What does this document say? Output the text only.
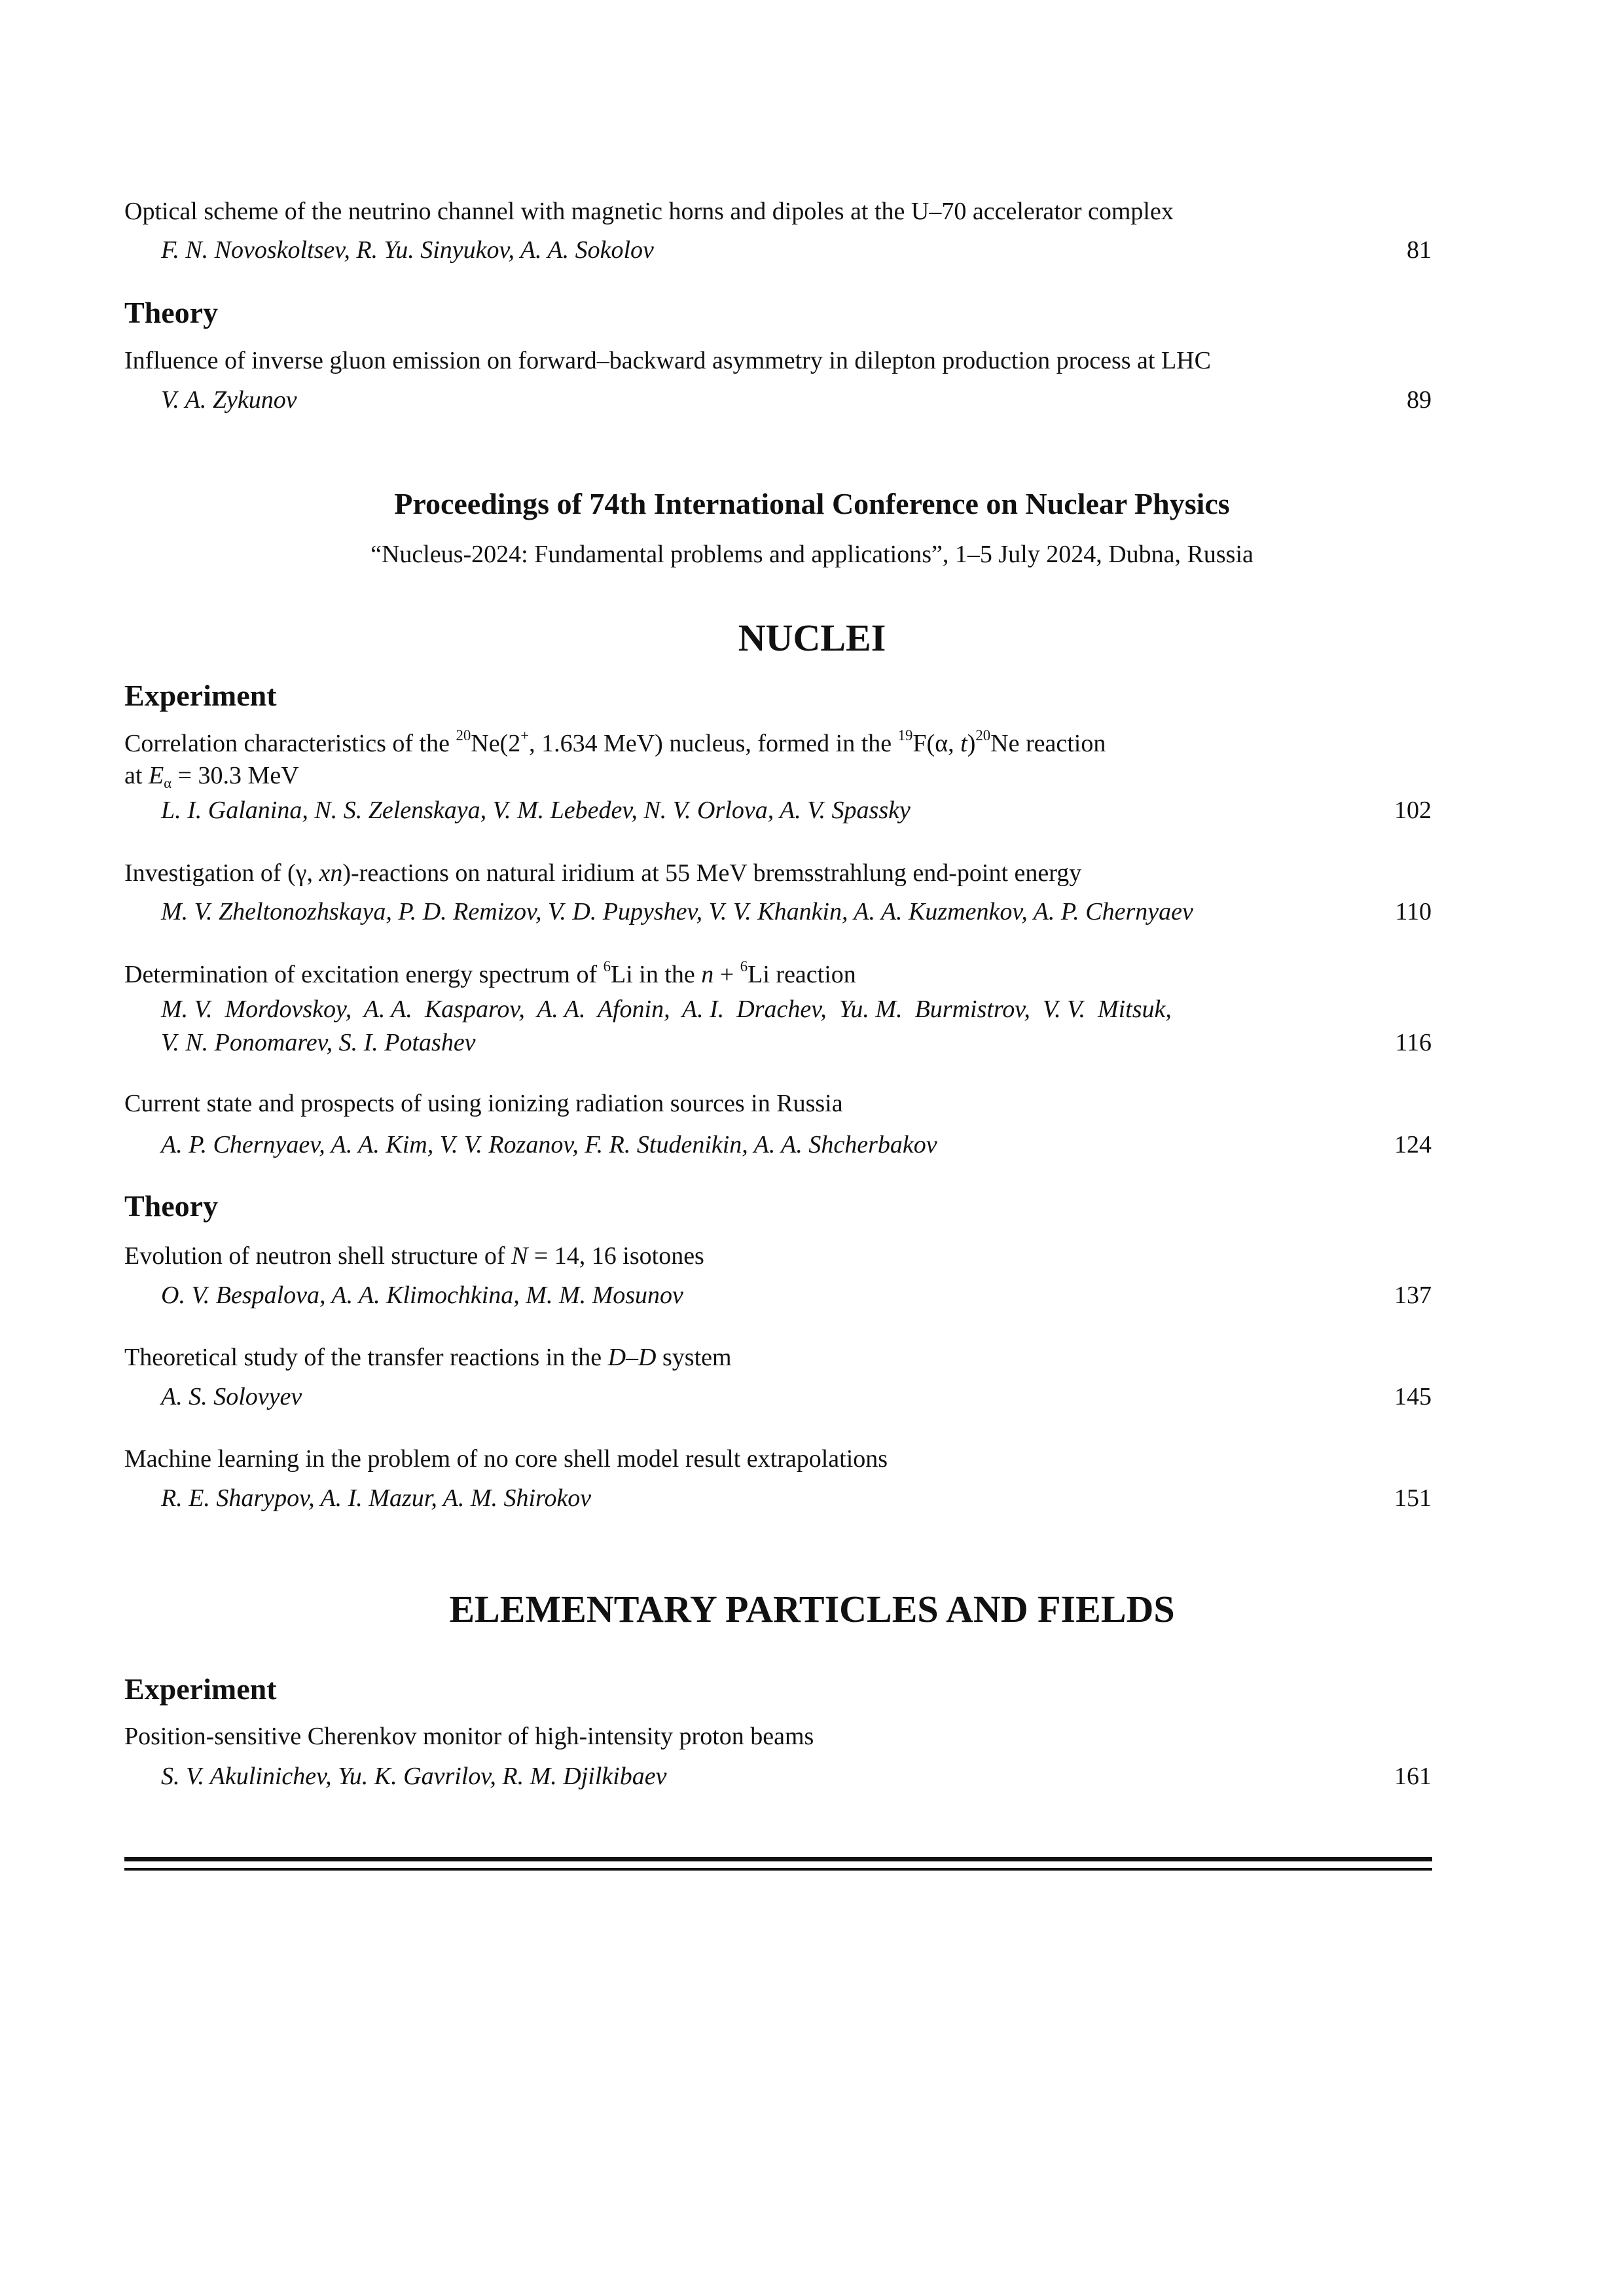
Optical scheme of the neutrino channel with magnetic horns and dipoles at the U–70 accelerator complex
F. N. Novoskoltsev, R. Yu. Sinyukov, A. A. Sokolov	81
Theory
Influence of inverse gluon emission on forward–backward asymmetry in dilepton production process at LHC
V. A. Zykunov	89
Proceedings of 74th International Conference on Nuclear Physics
“Nucleus-2024: Fundamental problems and applications”, 1–5 July 2024, Dubna, Russia
NUCLEI
Experiment
Correlation characteristics of the $^{20}$Ne(2+, 1.634 MeV) nucleus, formed in the $^{19}$F(α, t)$^{20}$Ne reaction
at $E_\alpha = 30.3$ MeV
L. I. Galanina, N. S. Zelenskaya, V. M. Lebedev, N. V. Orlova, A. V. Spassky	102
Investigation of (γ, xn)-reactions on natural iridium at 55 MeV bremsstrahlung end-point energy
M. V. Zheltonozhskaya, P. D. Remizov, V. D. Pupyshev, V. V. Khankin, A. A. Kuzmenkov, A. P. Chernyaev	110
Determination of excitation energy spectrum of $^6$Li in the n + $^6$Li reaction
M. V.  Mordovskoy,  A. A.  Kasparov,  A. A.  Afonin,  A. I.  Drachev,  Yu. M.  Burmistrov,  V. V.  Mitsuk,
V. N. Ponomarev, S. I. Potashev	116
Current state and prospects of using ionizing radiation sources in Russia
A. P. Chernyaev, A. A. Kim, V. V. Rozanov, F. R. Studenikin, A. A. Shcherbakov	124
Theory
Evolution of neutron shell structure of N = 14, 16 isotones
O. V. Bespalova, A. A. Klimochkina, M. M. Mosunov	137
Theoretical study of the transfer reactions in the D–D system
A. S. Solovyev	145
Machine learning in the problem of no core shell model result extrapolations
R. E. Sharypov, A. I. Mazur, A. M. Shirokov	151
ELEMENTARY PARTICLES AND FIELDS
Experiment
Position-sensitive Cherenkov monitor of high-intensity proton beams
S. V. Akulinichev, Yu. K. Gavrilov, R. M. Djilkibaev	161
